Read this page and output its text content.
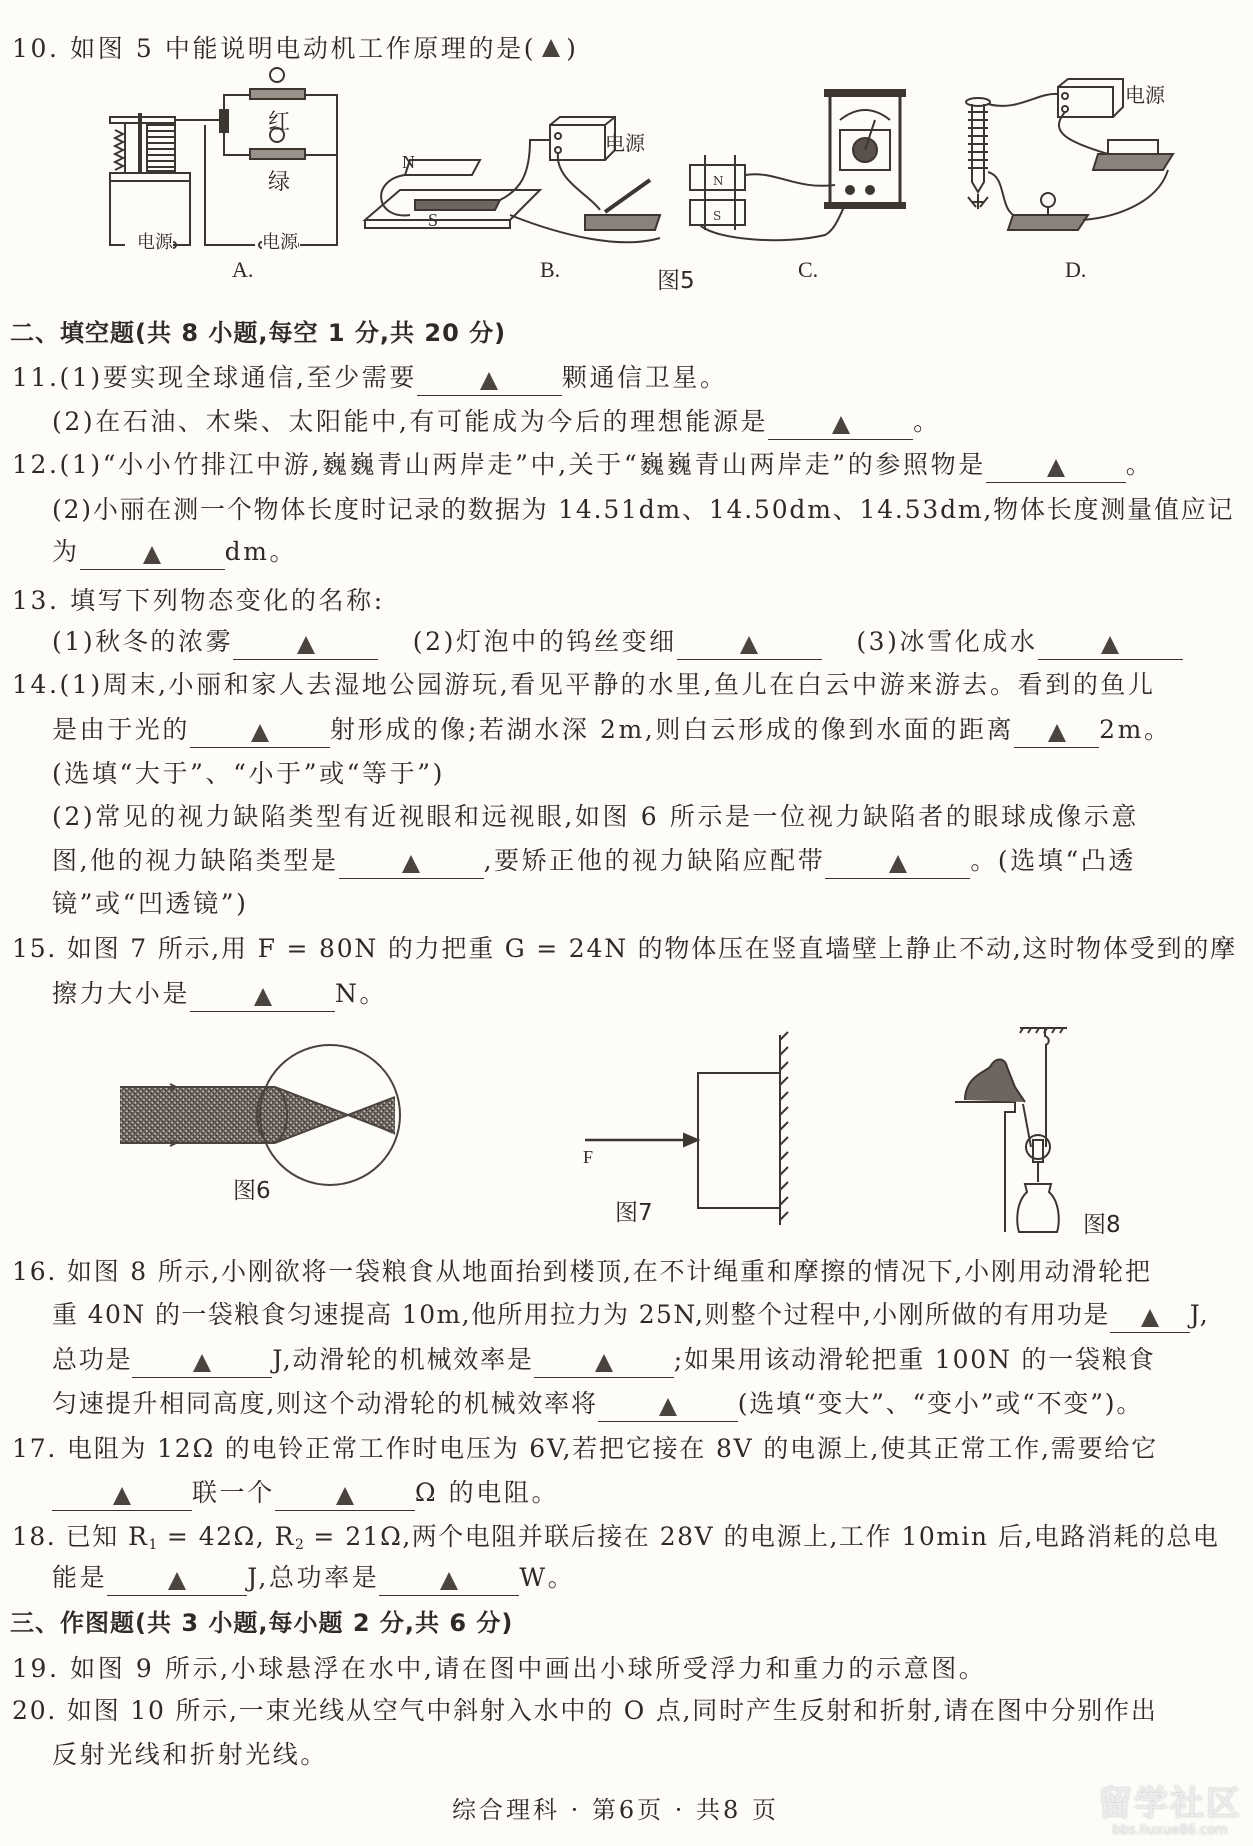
10. 如图 5 中能说明电动机工作原理的是( )
红
绿
电源	电源
A.
N
S
电源
B.
N
S
C.
图5
电源
D.
二、填空题(共 8 小题,每空 1 分,共 20 分)
11.(1)要实现全球通信,至少需要	颗通信卫星。
(2)在石油、木柴、太阳能中,有可能成为今后的理想能源是	。
12.(1)“小小竹排江中游,巍巍青山两岸走”中,关于“巍巍青山两岸走”的参照物是	。
(2)小丽在测一个物体长度时记录的数据为 14.51dm、14.50dm、14.53dm,物体长度测量值应记
为	dm。
13. 填写下列物态变化的名称:
(1)秋冬的浓雾	(2)灯泡中的钨丝变细	(3)冰雪化成水
14.(1)周末,小丽和家人去湿地公园游玩,看见平静的水里,鱼儿在白云中游来游去。看到的鱼儿
是由于光的	射形成的像;若湖水深 2m,则白云形成的像到水面的距离	2m。
(选填“大于”、“小于”或“等于”)
(2)常见的视力缺陷类型有近视眼和远视眼,如图 6 所示是一位视力缺陷者的眼球成像示意
图,他的视力缺陷类型是	,要矫正他的视力缺陷应配带	。(选填“凸透
镜”或“凹透镜”)
15. 如图 7 所示,用 F = 80N 的力把重 G = 24N 的物体压在竖直墙壁上静止不动,这时物体受到的摩
擦力大小是	N。
图6
F
图7	图8
16. 如图 8 所示,小刚欲将一袋粮食从地面抬到楼顶,在不计绳重和摩擦的情况下,小刚用动滑轮把
重 40N 的一袋粮食匀速提高 10m,他所用拉力为 25N,则整个过程中,小刚所做的有用功是	J,
总功是	J,动滑轮的机械效率是	;如果用该动滑轮把重 100N 的一袋粮食
匀速提升相同高度,则这个动滑轮的机械效率将	(选填“变大”、“变小”或“不变”)。
17. 电阻为 12Ω 的电铃正常工作时电压为 6V,若把它接在 8V 的电源上,使其正常工作,需要给它
联一个	Ω 的电阻。
18. 已知 $R_1 = 42\Omega$, $R_2 = 21\Omega$,两个电阻并联后接在 28V 的电源上,工作 10min 后,电路消耗的总电
能是	J,总功率是	W。
三、作图题(共 3 小题,每小题 2 分,共 6 分)
19. 如图 9 所示,小球悬浮在水中,请在图中画出小球所受浮力和重力的示意图。
20. 如图 10 所示,一束光线从空气中斜射入水中的 O 点,同时产生反射和折射,请在图中分别作出
反射光线和折射光线。
综合理科 · 第6页 · 共8 页	留学社区
bbs.liuxue86.com
